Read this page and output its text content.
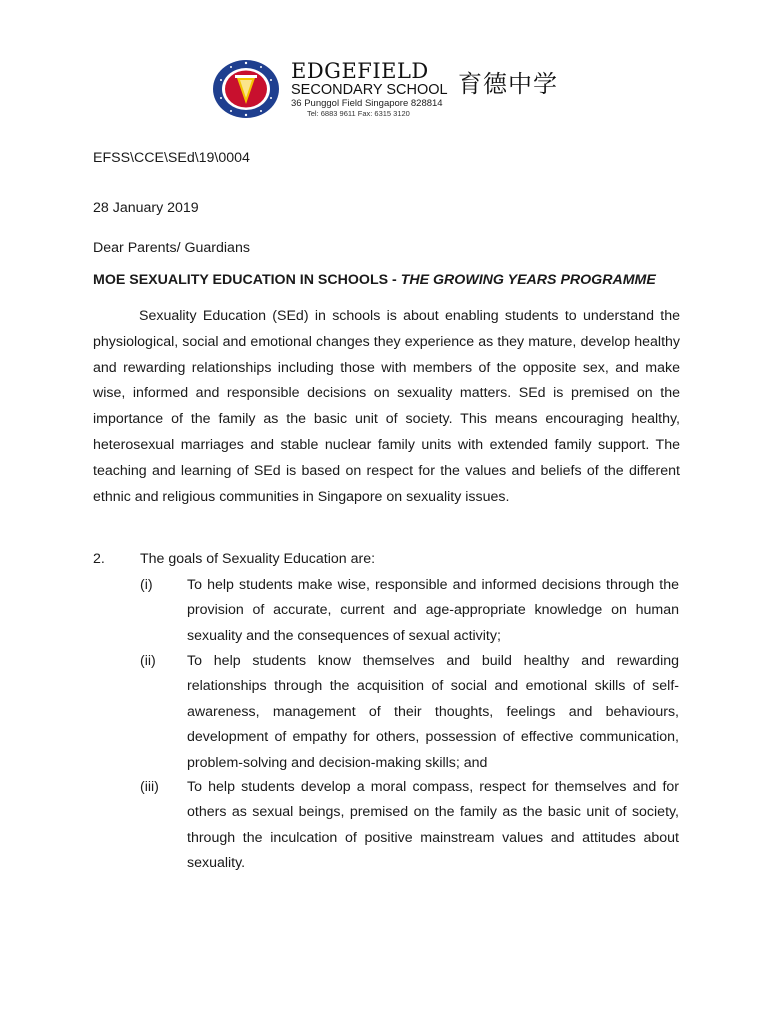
EDGEFIELD
SECONDARY SCHOOL 育德中学
36 Punggol Field Singapore 828814
Tel: 6883 9611 Fax: 6315 3120
EFSS\CCE\SEd\19\0004
28 January 2019
Dear Parents/ Guardians
MOE SEXUALITY EDUCATION IN SCHOOLS - THE GROWING YEARS PROGRAMME
Sexuality Education (SEd) in schools is about enabling students to understand the physiological, social and emotional changes they experience as they mature, develop healthy and rewarding relationships including those with members of the opposite sex, and make wise, informed and responsible decisions on sexuality matters. SEd is premised on the importance of the family as the basic unit of society. This means encouraging healthy, heterosexual marriages and stable nuclear family units with extended family support. The teaching and learning of SEd is based on respect for the values and beliefs of the different ethnic and religious communities in Singapore on sexuality issues.
2. The goals of Sexuality Education are:
(i) To help students make wise, responsible and informed decisions through the provision of accurate, current and age-appropriate knowledge on human sexuality and the consequences of sexual activity;
(ii) To help students know themselves and build healthy and rewarding relationships through the acquisition of social and emotional skills of self-awareness, management of their thoughts, feelings and behaviours, development of empathy for others, possession of effective communication, problem-solving and decision-making skills; and
(iii) To help students develop a moral compass, respect for themselves and for others as sexual beings, premised on the family as the basic unit of society, through the inculcation of positive mainstream values and attitudes about sexuality.
